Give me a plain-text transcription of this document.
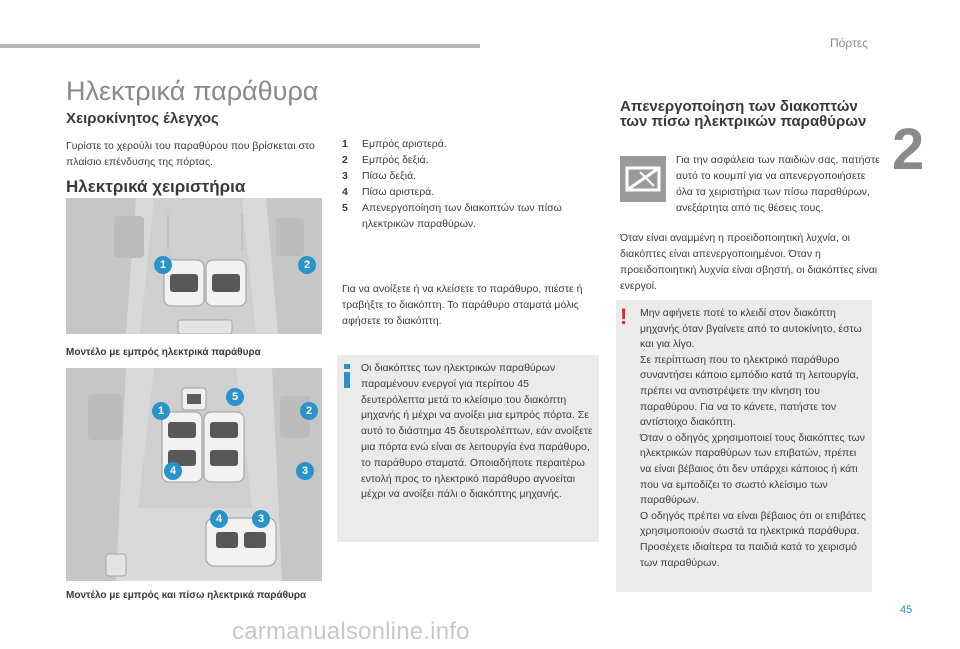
Πόρτες
2
45
Ηλεκτρικά παράθυρα
Χειροκίνητος έλεγχος
Γυρίστε το χερούλι του παραθύρου που βρίσκεται στο πλαίσιο επένδυσης της πόρτας.
Ηλεκτρικά χειριστήρια
1	2
Μοντέλο με εμπρός ηλεκτρικά παράθυρα
1	2
3
4
5
4	3
Μοντέλο με εμπρός και πίσω ηλεκτρικά παράθυρα
1 Εμπρός αριστερά.
2 Εμπρός δεξιά.
3 Πίσω δεξιά.
4 Πίσω αριστερά.
5 Απενεργοποίηση των διακοπτών των πίσω ηλεκτρικών παραθύρων.
Για να ανοίξετε ή να κλείσετε το παράθυρο, πιέστε ή τραβήξτε το διακόπτη. Το παράθυρο σταματά μόλις αφήσετε το διακόπτη.
Οι διακόπτες των ηλεκτρικών παραθύρων παραμένουν ενεργοί για περίπου 45 δευτερόλεπτα μετά το κλείσιμο του διακόπτη μηχανής ή μέχρι να ανοίξει μια εμπρός πόρτα. Σε αυτό το διάστημα 45 δευτερολέπτων, εάν ανοίξετε μια πόρτα ενώ είναι σε λειτουργία ένα παράθυρο, το παράθυρο σταματά. Οποιαδήποτε περαιτέρω εντολή προς το ηλεκτρικό παράθυρο αγνοείται μέχρι να ανοίξει πάλι ο διακόπτης μηχανής.
Απενεργοποίηση των διακοπτών των πίσω ηλεκτρικών παραθύρων
Για την ασφάλεια των παιδιών σας, πατήστε αυτό το κουμπί για να απενεργοποιήσετε όλα τα χειριστήρια των πίσω παραθύρων, ανεξάρτητα από τις θέσεις τους.
Όταν είναι αναμμένη η προειδοποιητική λυχνία, οι διακόπτες είναι απενεργοποιημένοι. Όταν η προειδοποιητική λυχνία είναι σβηστή, οι διακόπτες είναι ενεργοί.
! Μην αφήνετε ποτέ το κλειδί στον διακόπτη μηχανής όταν βγαίνετε από το αυτοκίνητο, έστω και για λίγο.
Σε περίπτωση που το ηλεκτρικό παράθυρο συναντήσει κάποιο εμπόδιο κατά τη λειτουργία, πρέπει να αντιστρέψετε την κίνηση του παραθύρου. Για να το κάνετε, πατήστε τον αντίστοιχο διακόπτη.
Όταν ο οδηγός χρησιμοποιεί τους διακόπτες των ηλεκτρικών παραθύρων των επιβατών, πρέπει να είναι βέβαιος ότι δεν υπάρχει κάποιος ή κάτι που να εμποδίζει το σωστό κλείσιμο των παραθύρων.
Ο οδηγός πρέπει να είναι βέβαιος ότι οι επιβάτες χρησιμοποιούν σωστά τα ηλεκτρικά παράθυρα.
Προσέχετε ιδιαίτερα τα παιδιά κατά το χειρισμό των παραθύρων.
carmanualsonline.info
